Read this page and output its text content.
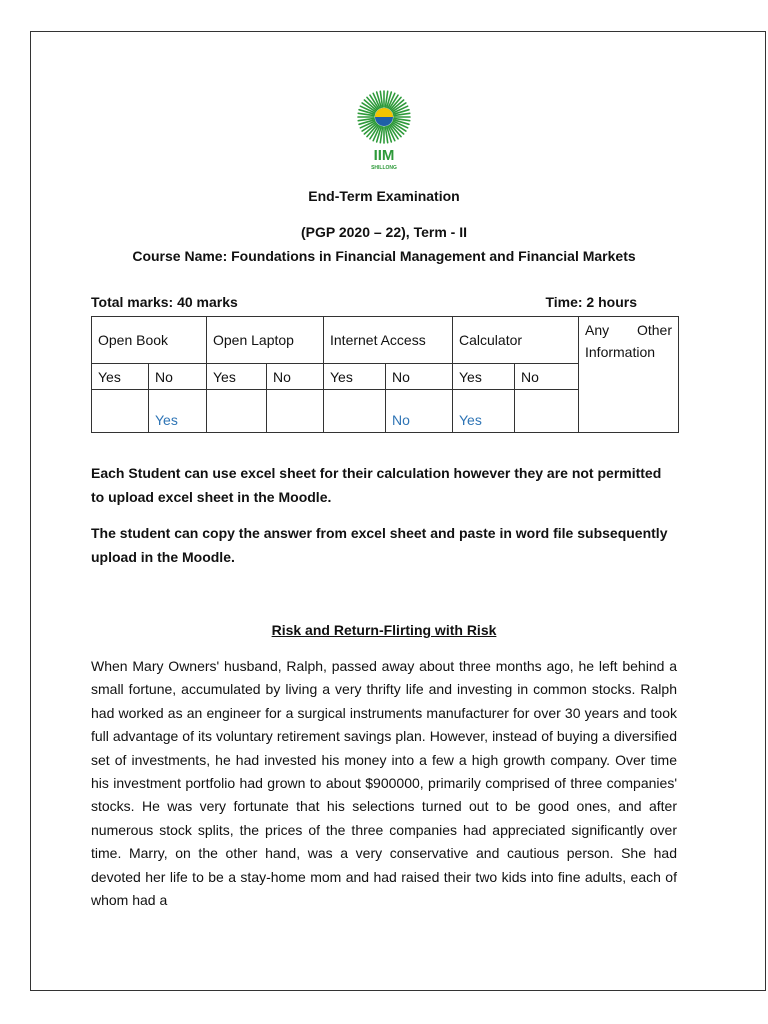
IIM
SHILLONG
End-Term Examination
(PGP 2020 – 22), Term - II
Course Name: Foundations in Financial Management and Financial Markets
Total marks: 40 marks	Time: 2 hours
Open Book		Open Laptop		Internet Access		Calculator		Any Other
Information

Yes	No	Yes	No	Yes	No	Yes	No	
	Yes				No	Yes		
Each Student can use excel sheet for their calculation however they are not permitted to upload excel sheet in the Moodle.
The student can copy the answer from excel sheet and paste in word file subsequently upload in the Moodle.
Risk and Return-Flirting with Risk
When Mary Owners' husband, Ralph, passed away about three months ago, he left behind a small fortune, accumulated by living a very thrifty life and investing in common stocks. Ralph had worked as an engineer for a surgical instruments manufacturer for over 30 years and took full advantage of its voluntary retirement savings plan. However, instead of buying a diversified set of investments, he had invested his money into a few a high growth company. Over time his investment portfolio had grown to about $900000, primarily comprised of three companies' stocks. He was very fortunate that his selections turned out to be good ones, and after numerous stock splits, the prices of the three companies had appreciated significantly over time. Marry, on the other hand, was a very conservative and cautious person. She had devoted her life to be a stay-home mom and had raised their two kids into fine adults, each of whom had a
